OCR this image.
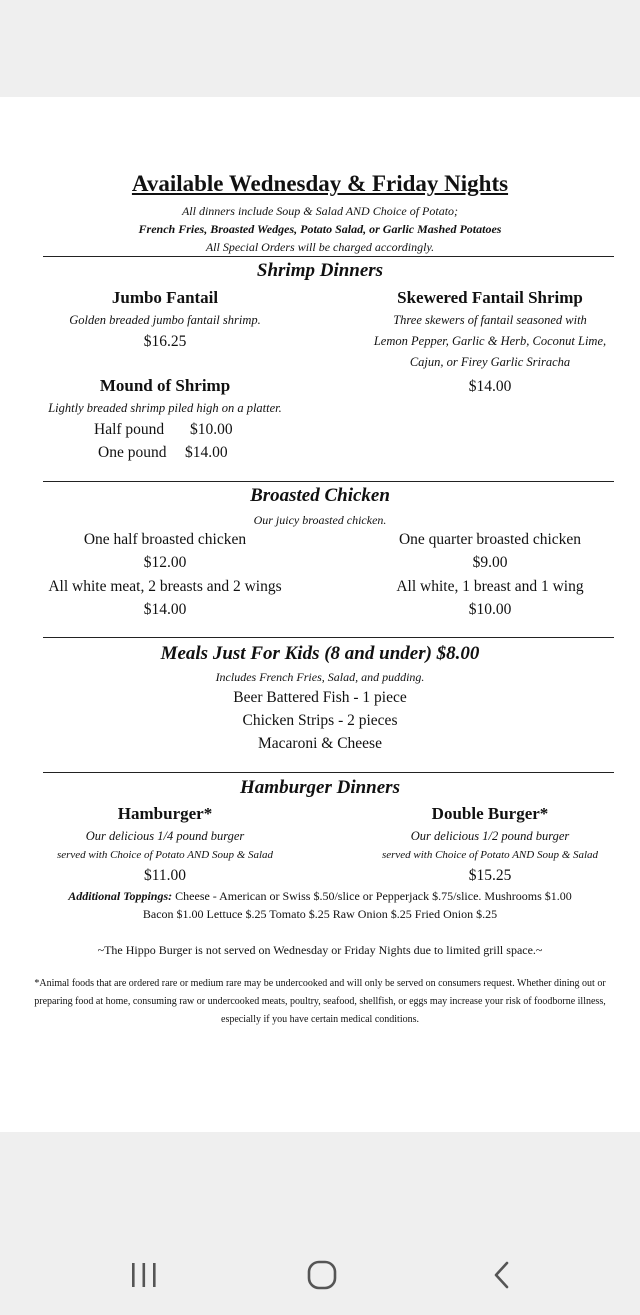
Available Wednesday & Friday Nights
All dinners include Soup & Salad AND Choice of Potato;
French Fries, Broasted Wedges, Potato Salad, or Garlic Mashed Potatoes
All Special Orders will be charged accordingly.
Shrimp Dinners
Jumbo Fantail
Golden breaded jumbo fantail shrimp.
$16.25
Skewered Fantail Shrimp
Three skewers of fantail seasoned with
Lemon Pepper, Garlic & Herb, Coconut Lime,
Cajun, or Firey Garlic Sriracha
$14.00
Mound of Shrimp
Lightly breaded shrimp piled high on a platter.
Half pound $10.00
One pound $14.00
Broasted Chicken
Our juicy broasted chicken.
One half broasted chicken
$12.00
All white meat, 2 breasts and 2 wings
$14.00
One quarter broasted chicken
$9.00
All white, 1 breast and 1 wing
$10.00
Meals Just For Kids (8 and under) $8.00
Includes French Fries, Salad, and pudding.
Beer Battered Fish - 1 piece
Chicken Strips - 2 pieces
Macaroni & Cheese
Hamburger Dinners
Hamburger*
Our delicious 1/4 pound burger
served with Choice of Potato AND Soup & Salad
$11.00
Double Burger*
Our delicious 1/2 pound burger
served with Choice of Potato AND Soup & Salad
$15.25
Additional Toppings: Cheese - American or Swiss $.50/slice or Pepperjack $.75/slice. Mushrooms $1.00
Bacon $1.00 Lettuce $.25 Tomato $.25 Raw Onion $.25 Fried Onion $.25
~The Hippo Burger is not served on Wednesday or Friday Nights due to limited grill space.~
*Animal foods that are ordered rare or medium rare may be undercooked and will only be served on consumers request. Whether dining out or
preparing food at home, consuming raw or undercooked meats, poultry, seafood, shellfish, or eggs may increase your risk of foodborne illness,
especially if you have certain medical conditions.
